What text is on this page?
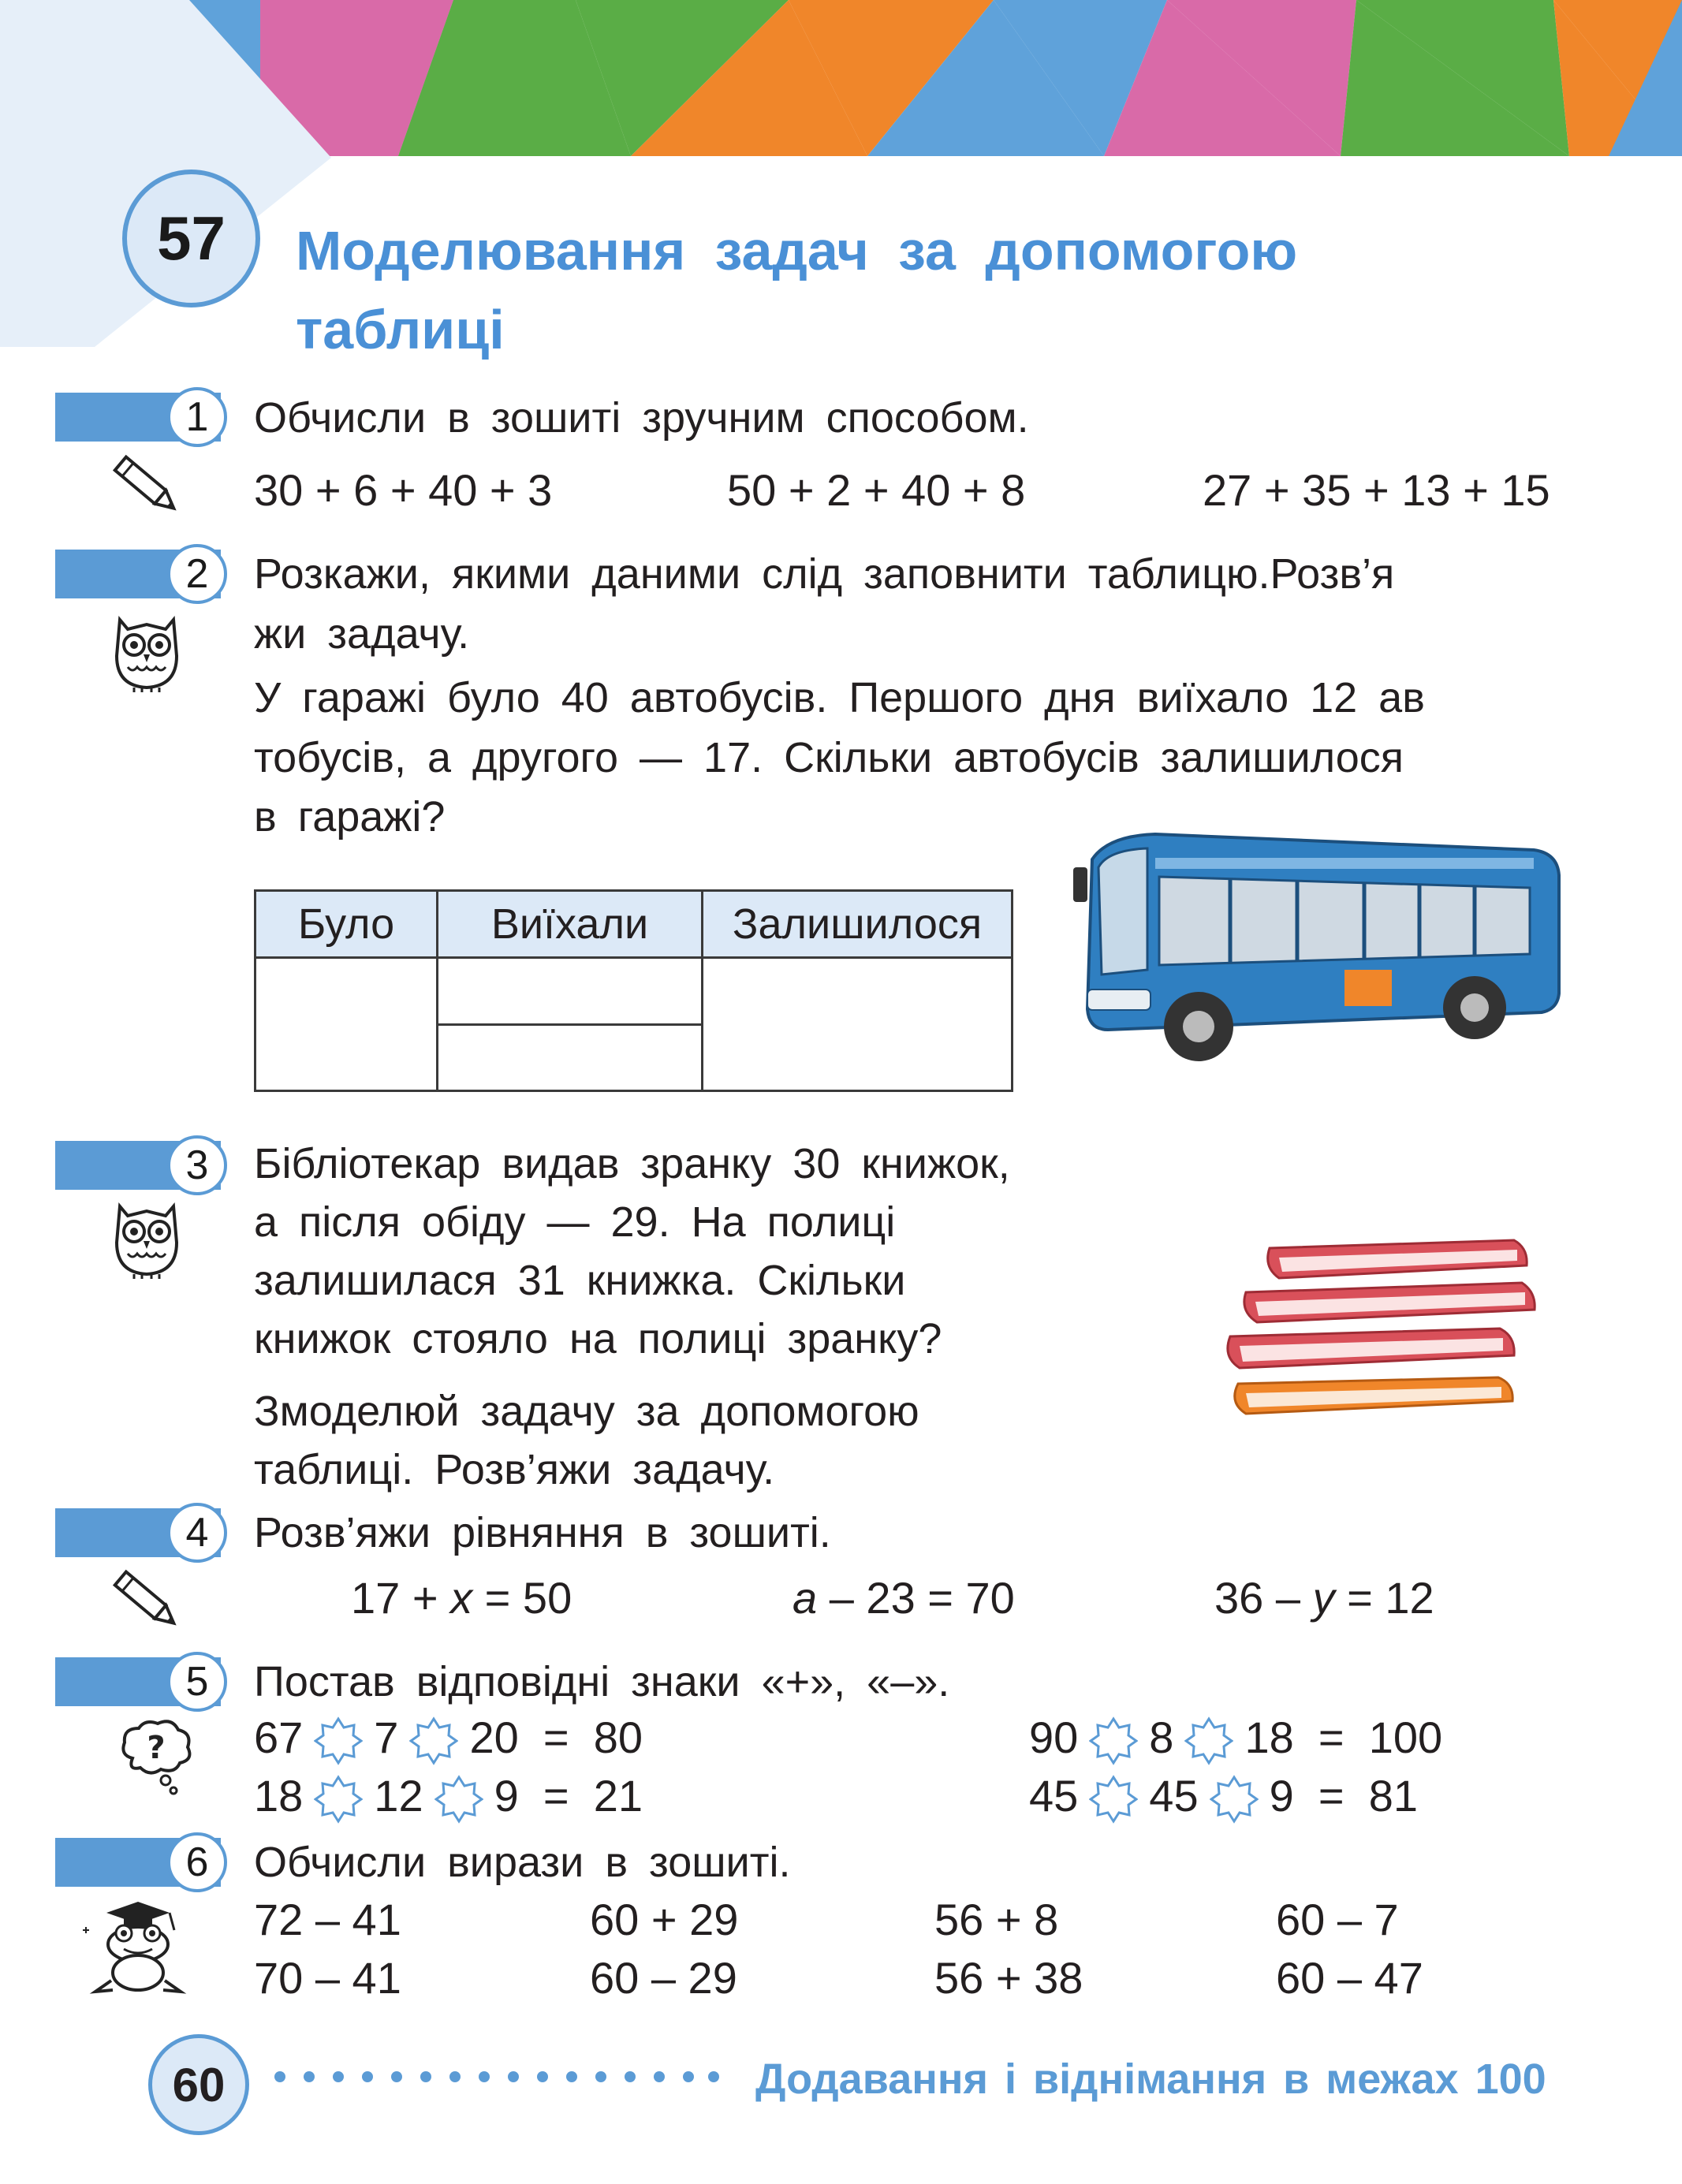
57 Моделювання задач за допомогою
таблиці
1	Обчисли в зошиті зручним способом.
30 + 6 + 40 + 3	50 + 2 + 40 + 8	27 + 35 + 13 + 15
2	Розкажи, якими даними слід заповнити таблицю.Розв’я
жи задачу.
У гаражі було 40 автобусів. Першого дня виїхало 12 ав
тобусів, а другого — 17. Скільки автобусів залишилося
в гаражі?
Було	Виїхали	Залишилося

3	Бібліотекар видав зранку 30 книжок,
а після обіду — 29. На полиці
залишилася 31 книжка. Скільки
книжок стояло на полиці зранку?
Змоделюй задачу за допомогою
таблиці. Розв’яжи задачу.
4	Розв’яжи рівняння в зошиті.
17 + x = 50	a – 23 = 70	36 – y = 12
5
?
Постав відповідні знаки «+», «–».
67 7 20 = 80	90 8 18 = 100
18 12 9 = 21	45 45 9 = 81
6	Обчисли вирази в зошиті.
72 – 41	60 + 29	56 + 8	60 – 7
70 – 41	60 – 29	56 + 38	60 – 47
60	Додавання і віднімання в межах 100
